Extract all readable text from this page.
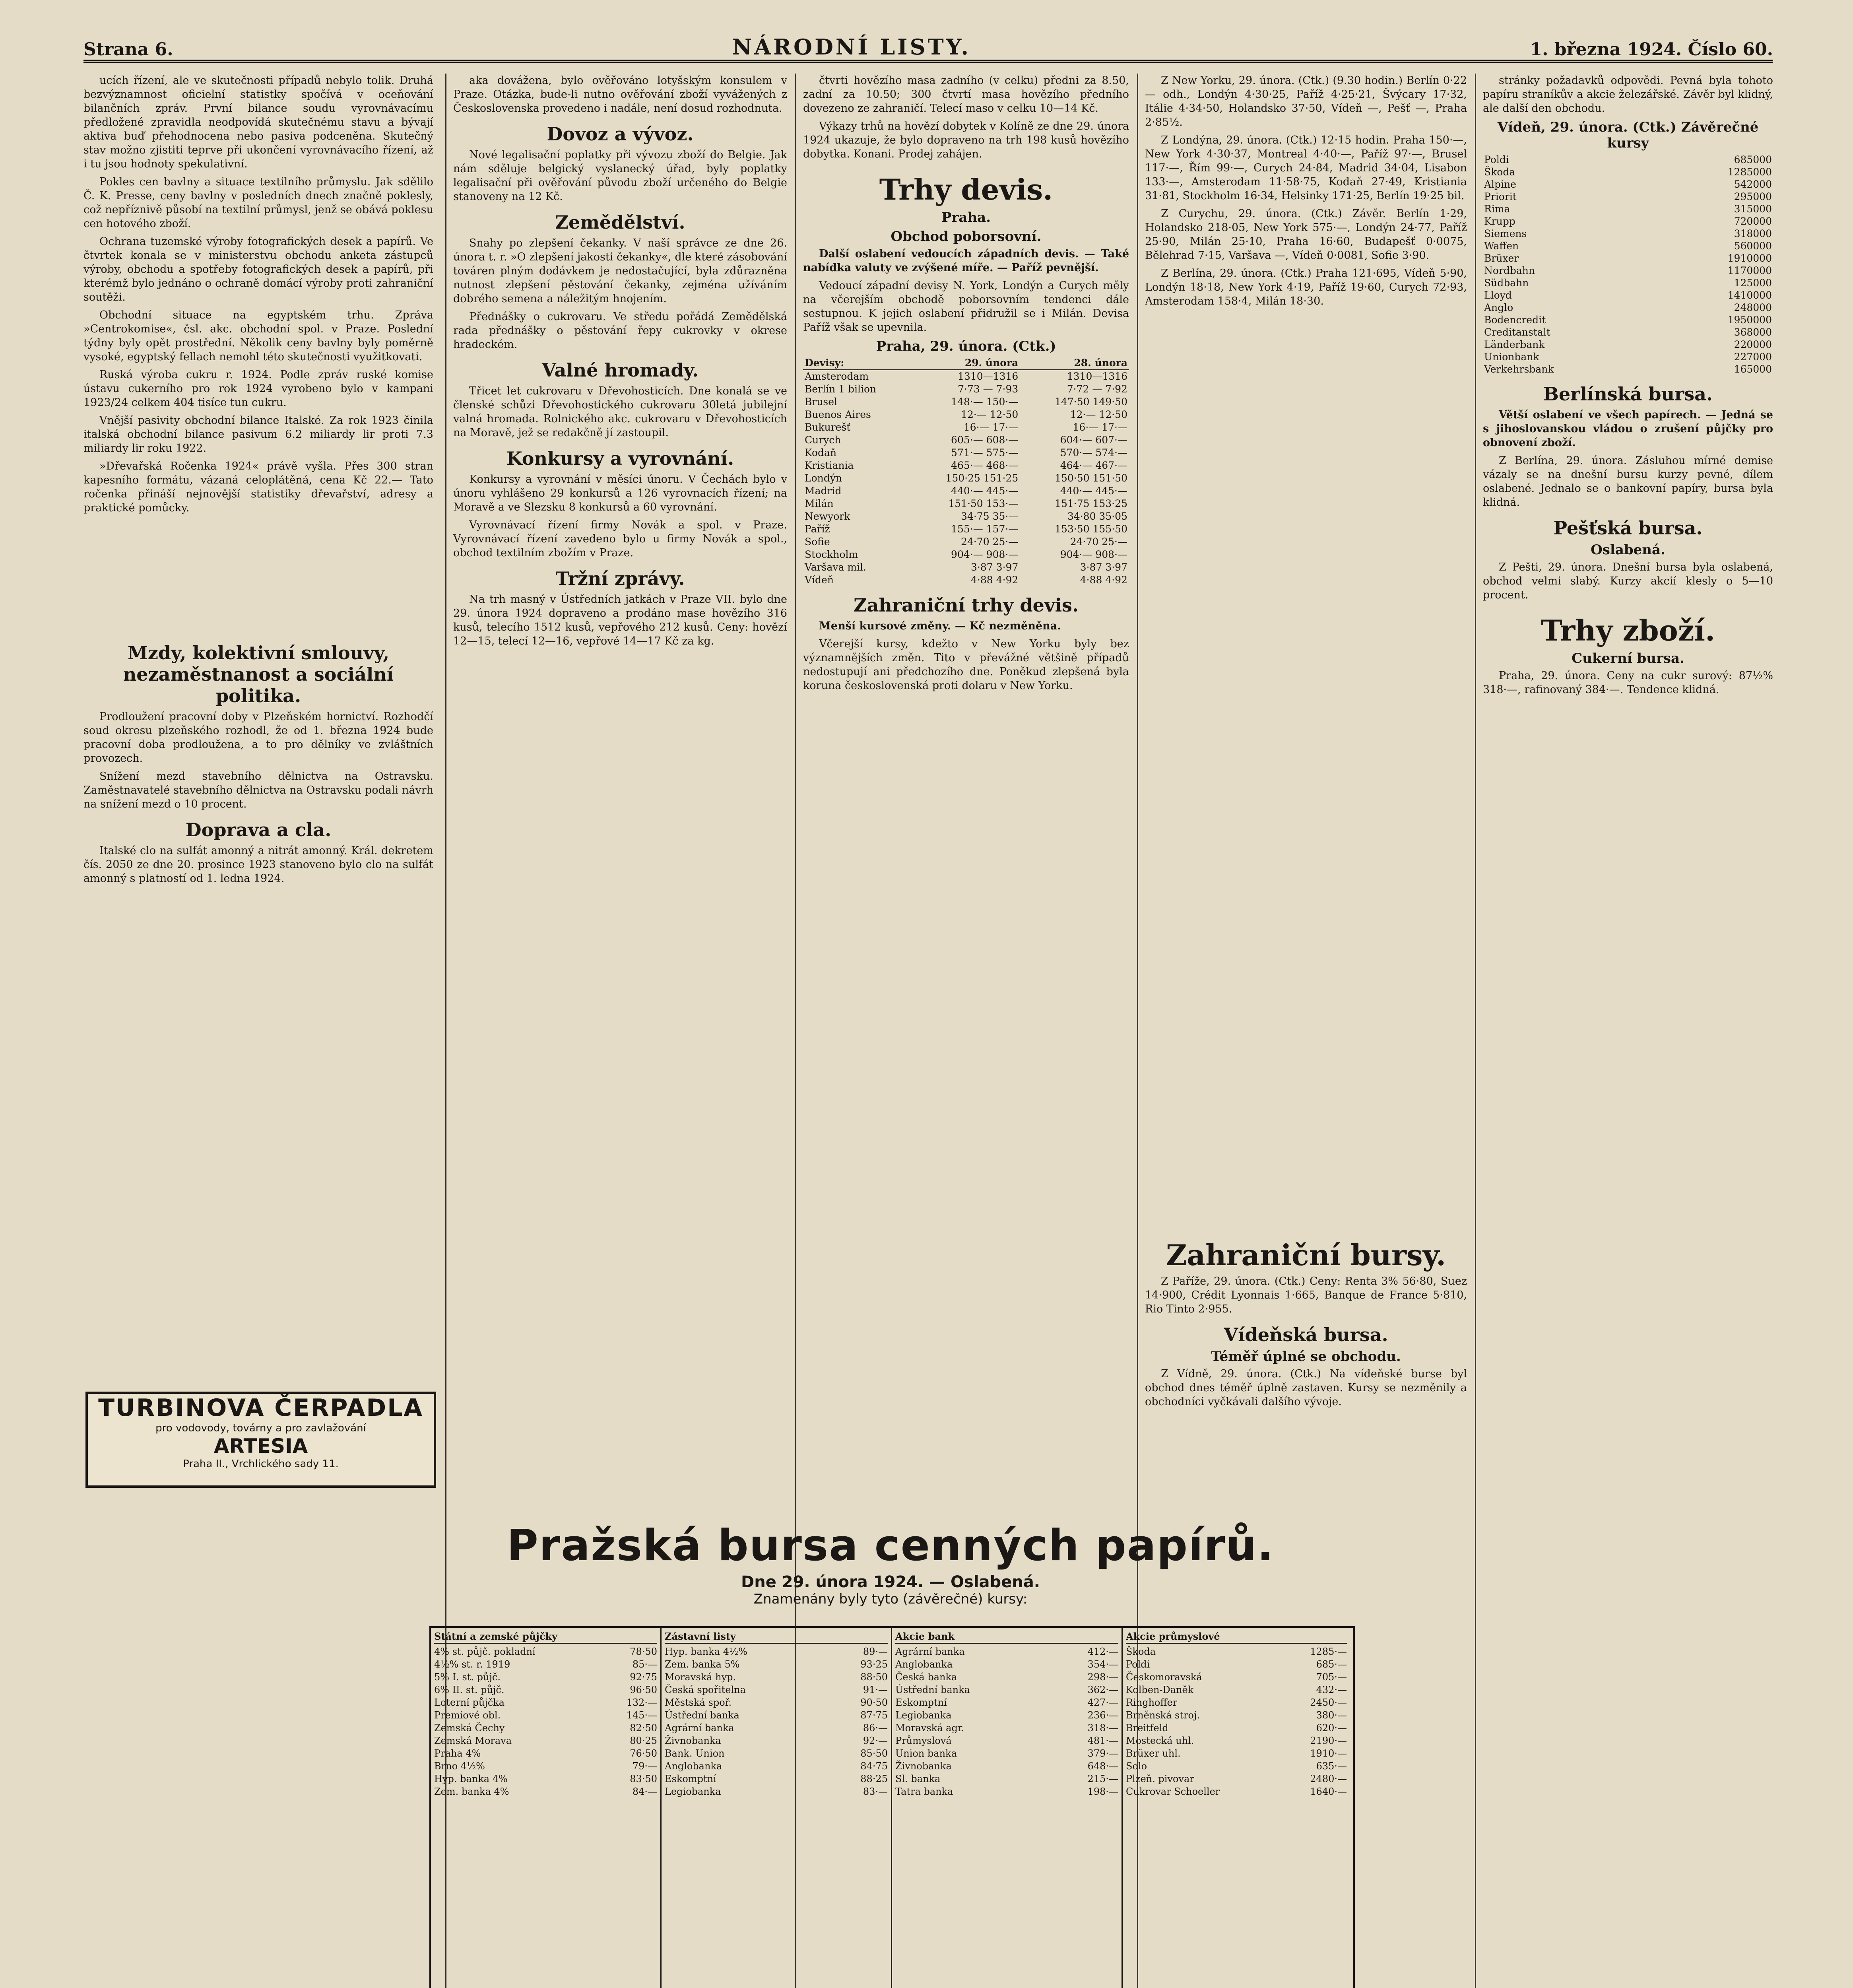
Strana 6.	NÁRODNÍ LISTY.	1. března 1924. Číslo 60.

ucích řízení, ale ve skutečnosti případů nebylo tolik. Druhá bezvýznamnost oficielní statistky spočívá v oceňování bilančních zpráv. První bilance soudu vyrovnávacímu předložené zpravidla neodpovídá skutečnému stavu a bývají aktiva buď přehodnocena nebo pasiva podceněna. Skutečný stav možno zjistiti teprve při ukončení vyrovnávacího řízení, až i tu jsou hodnoty spekulativní.

Pokles cen bavlny a situace textilního průmyslu. Jak sdělilo Č. K. Presse, ceny bavlny v posledních dnech značně poklesly, což nepříznivě působí na textilní průmysl, jenž se obává poklesu cen hotového zboží.

Ochrana tuzemské výroby fotografických desek a papírů. Ve čtvrtek konala se v ministerstvu obchodu anketa zástupců výroby, obchodu a spotřeby fotografických desek a papírů, při kterémž bylo jednáno o ochraně domácí výroby proti zahraniční soutěži.

Obchodní situace na egyptském trhu. Zpráva »Centrokomise«, čsl. akc. obchodní spol. v Praze. Poslední týdny byly opět prostřední. Několik ceny bavlny byly poměrně vysoké, egyptský fellach nemohl této skutečnosti využitkovati.

Ruská výroba cukru r. 1924. Podle zpráv ruské komise ústavu cukerního pro rok 1924 vyrobeno bylo v kampani 1923/24 celkem 404 tisíce tun cukru.

Vnější pasivity obchodní bilance Italské. Za rok 1923 činila italská obchodní bilance pasivum 6.2 miliardy lir proti 7.3 miliardy lir roku 1922.

»Dřevařská Ročenka 1924« právě vyšla. Přes 300 stran kapesního formátu, vázaná celoplátěná, cena Kč 22.— Tato ročenka přináší nejnovější statistiky dřevařství, adresy a praktické pomůcky.

Mzdy, kolektivní smlouvy, nezaměstnanost a sociální politika.

Prodloužení pracovní doby v Plzeňském hornictví. Rozhodčí soud okresu plzeňského rozhodl, že od 1. března 1924 bude pracovní doba prodloužena, a to pro dělníky ve zvláštních provozech.

Snížení mezd stavebního dělnictva na Ostravsku. Zaměstnavatelé stavebního dělnictva na Ostravsku podali návrh na snížení mezd o 10 procent.

Doprava a cla.

Italské clo na sulfát amonný a nitrát amonný. Král. dekretem čís. 2050 ze dne 20. prosince 1923 stanoveno bylo clo na sulfát amonný s platností od 1. ledna 1924.

TURBINOVA ČERPADLA
pro vodovody, továrny a pro zavlažování
ARTESIA
Praha II., Vrchlického sady 11.

aka dovážena, bylo ověřováno lotyšským konsulem v Praze. Otázka, bude-li nutno ověřování zboží vyvážených z Československa provedeno i nadále, není dosud rozhodnuta.

Dovoz a vývoz.

Nové legalisační poplatky při vývozu zboží do Belgie. Jak nám sděluje belgický vyslanecký úřad, byly poplatky legalisační při ověřování původu zboží určeného do Belgie stanoveny na 12 Kč.

Zemědělství.

Snahy po zlepšení čekanky. V naší správce ze dne 26. února t. r. »O zlepšení jakosti čekanky«, dle které zásobování továren plným dodávkem je nedostačující, byla zdůrazněna nutnost zlepšení pěstování čekanky, zejména užíváním dobrého semena a náležitým hnojením.

Přednášky o cukrovaru. Ve středu pořádá Zemědělská rada přednášky o pěstování řepy cukrovky v okrese hradeckém.

Valné hromady.

Třicet let cukrovaru v Dřevohosticích. Dne konalá se ve členské schůzi Dřevohostického cukrovaru 30letá jubilejní valná hromada. Rolnického akc. cukrovaru v Dřevohosticích na Moravě, jež se redakčně jí zastoupil.

Konkursy a vyrovnání.

Konkursy a vyrovnání v měsíci únoru. V Čechách bylo v únoru vyhlášeno 29 konkursů a 126 vyrovnacích řízení; na Moravě a ve Slezsku 8 konkursů a 60 vyrovnání.

Vyrovnávací řízení firmy Novák a spol. v Praze. Vyrovnávací řízení zavedeno bylo u firmy Novák a spol., obchod textilním zbožím v Praze.

Tržní zprávy.

Na trh masný v Ústředních jatkách v Praze VII. bylo dne 29. února 1924 dopraveno a prodáno mase hovězího 316 kusů, telecího 1512 kusů, vepřového 212 kusů. Ceny: hovězí 12—15, telecí 12—16, vepřové 14—17 Kč za kg.

čtvrti hovězího masa zadního (v celku) předni za 8.50, zadní za 10.50; 300 čtvrtí masa hovězího předního dovezeno ze zahraničí. Telecí maso v celku 10—14 Kč.

Výkazy trhů na hovězí dobytek v Kolíně ze dne 29. února 1924 ukazuje, že bylo dopraveno na trh 198 kusů hovězího dobytka. Konani. Prodej zahájen.

Trhy devis.

Praha.

Obchod poborsovní.

Další oslabení vedoucích západních devis. — Také nabídka valuty ve zvýšené míře. — Paříž pevnější.

Vedoucí západní devisy N. York, Londýn a Curych měly na včerejším obchodě poborsovním tendenci dále sestupnou. K jejich oslabení přidružil se i Milán. Devisa Paříž však se upevnila.

Praha, 29. února. (Ctk.)

Devisy:	29. února	28. února
Amsterodam	1310—1316	1310—1316
Berlín 1 bilion	7·73 — 7·93	7·72 — 7·92
Brusel	148·— 150·—	147·50 149·50
Buenos Aires	12·— 12·50	12·— 12·50
Bukurešť	16·— 17·—	16·— 17·—
Curych	605·— 608·—	604·— 607·—
Kodaň	571·— 575·—	570·— 574·—
Kristiania	465·— 468·—	464·— 467·—
Londýn	150·25 151·25	150·50 151·50
Madrid	440·— 445·—	440·— 445·—
Milán	151·50 153·—	151·75 153·25
Newyork	34·75 35·—	34·80 35·05
Paříž	155·— 157·—	153·50 155·50
Sofie	24·70 25·—	24·70 25·—
Stockholm	904·— 908·—	904·— 908·—
Varšava mil.	3·87 3·97	3·87 3·97
Vídeň	4·88 4·92	4·88 4·92

Zahraniční trhy devis.

Menší kursové změny. — Kč nezměněna.

Včerejší kursy, kdežto v New Yorku byly bez významnějších změn. Tito v převážné většině případů nedostupují ani předchozího dne. Poněkud zlepšená byla koruna československá proti dolaru v New Yorku.

Z New Yorku, 29. února. (Ctk.) (9.30 hodin.) Berlín 0·22 — odh., Londýn 4·30·25, Paříž 4·25·21, Švýcary 17·32, Itálie 4·34·50, Holandsko 37·50, Vídeň —, Pešť —, Praha 2·85½.

Z Londýna, 29. února. (Ctk.) 12·15 hodin. Praha 150·—, New York 4·30·37, Montreal 4·40·—, Paříž 97·—, Brusel 117·—, Řím 99·—, Curych 24·84, Madrid 34·04, Lisabon 133·—, Amsterodam 11·58·75, Kodaň 27·49, Kristiania 31·81, Stockholm 16·34, Helsinky 171·25, Berlín 19·25 bil.

Z Curychu, 29. února. (Ctk.) Závěr. Berlín 1·29, Holandsko 218·05, New York 575·—, Londýn 24·77, Paříž 25·90, Milán 25·10, Praha 16·60, Budapešť 0·0075, Bělehrad 7·15, Varšava —, Vídeň 0·0081, Sofie 3·90.

Z Berlína, 29. února. (Ctk.) Praha 121·695, Vídeň 5·90, Londýn 18·18, New York 4·19, Paříž 19·60, Curych 72·93, Amsterodam 158·4, Milán 18·30.

Zahraniční bursy.

Z Paříže, 29. února. (Ctk.) Ceny: Renta 3% 56·80, Suez 14·900, Crédit Lyonnais 1·665, Banque de France 5·810, Rio Tinto 2·955.

Vídeňská bursa.

Téměř úplné se obchodu.

Z Vídně, 29. února. (Ctk.) Na vídeňské burse byl obchod dnes téměř úplně zastaven. Kursy se nezměnily a obchodníci vyčkávali dalšího vývoje.

stránky požadavků odpovědi. Pevná byla tohoto papíru straníkův a akcie železářské. Závěr byl klidný, ale další den obchodu.

Vídeň, 29. února. (Ctk.) Závěrečné kursy

Poldi	685000
Škoda	1285000
Alpine	542000
Priorit	295000
Rima	315000
Krupp	720000
Siemens	318000
Waffen	560000
Brüxer	1910000
Nordbahn	1170000
Südbahn	125000
Lloyd	1410000
Anglo	248000
Bodencredit	1950000
Creditanstalt	368000
Länderbank	220000
Unionbank	227000
Verkehrsbank	165000

Berlínská bursa.

Větší oslabení ve všech papírech. — Jedná se s jihoslovanskou vládou o zrušení půjčky pro obnovení zboží.

Z Berlína, 29. února. Zásluhou mírné demise vázaly se na dnešní bursu kurzy pevné, dílem oslabené. Jednalo se o bankovní papíry, bursa byla klidná.

Pešťská bursa.

Oslabená.

Z Pešti, 29. února. Dnešní bursa byla oslabená, obchod velmi slabý. Kurzy akcií klesly o 5—10 procent.

Trhy zboží.

Cukerní bursa.

Praha, 29. února. Ceny na cukr surový: 87½% 318·—, rafinovaný 384·—. Tendence klidná.

Pražská bursa cenných papírů.
Dne 29. února 1924. — Oslabená.
Znamenány byly tyto (závěrečné) kursy:
Státní a zemské půjčky
4% st. půjč. pokladní	78·50
4½% st. r. 1919	85·—
5% I. st. půjč.	92·75
6% II. st. půjč.	96·50
Loterní půjčka	132·—
Premiové obl.	145·—
Zemská Čechy	82·50
Zemská Morava	80·25
Praha 4%	76·50
Brno 4½%	79·—
Hyp. banka 4%	83·50
Zem. banka 4%	84·—
Zástavní listy
Hyp. banka 4½%	89·—
Zem. banka 5%	93·25
Moravská hyp.	88·50
Česká spořitelna	91·—
Městská spoř.	90·50
Ústřední banka	87·75
Agrární banka	86·—
Živnobanka	92·—
Bank. Union	85·50
Anglobanka	84·75
Eskomptní	88·25
Legiobanka	83·—
Akcie bank
Agrární banka	412·—
Anglobanka	354·—
Česká banka	298·—
Ústřední banka	362·—
Eskomptní	427·—
Legiobanka	236·—
Moravská agr.	318·—
Průmyslová	481·—
Union banka	379·—
Živnobanka	648·—
Sl. banka	215·—
Tatra banka	198·—
Akcie průmyslové
Škoda	1285·—
Poldi	685·—
Českomoravská	705·—
Kolben-Daněk	432·—
Ringhoffer	2450·—
Brněnská stroj.	380·—
Breitfeld	620·—
Mostecká uhl.	2190·—
Brüxer uhl.	1910·—
Solo	635·—
Plzeň. pivovar	2480·—
Cukrovar Schoeller	1640·—
